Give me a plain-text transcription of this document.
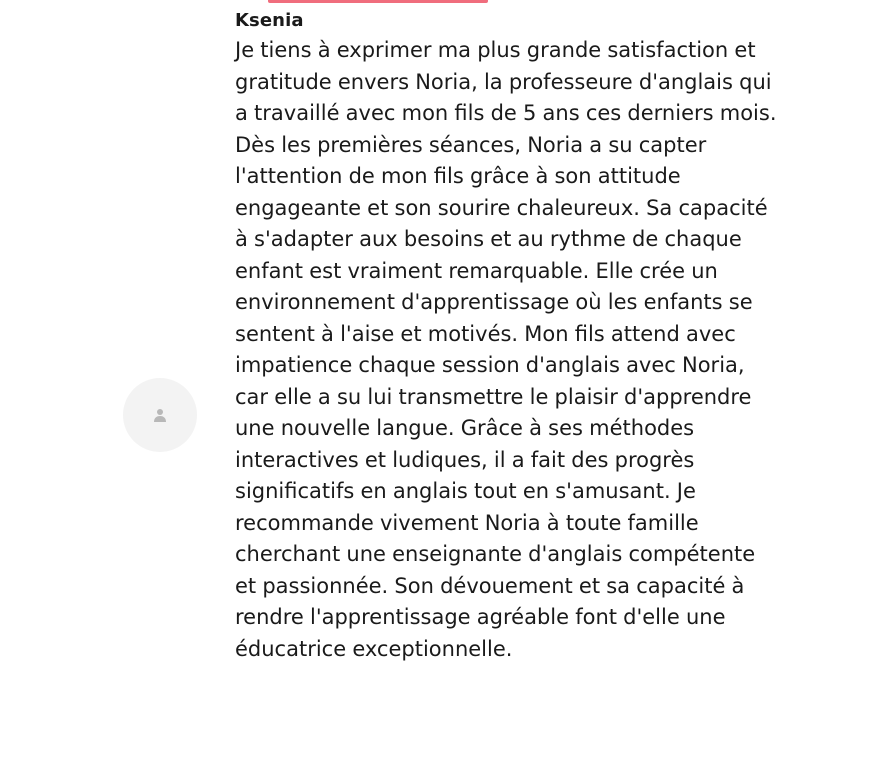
Ksenia

Je tiens à exprimer ma plus grande satisfaction et gratitude envers Noria, la professeure d'anglais qui a travaillé avec mon fils de 5 ans ces derniers mois. Dès les premières séances, Noria a su capter l'attention de mon fils grâce à son attitude engageante et son sourire chaleureux. Sa capacité à s'adapter aux besoins et au rythme de chaque enfant est vraiment remarquable. Elle crée un environnement d'apprentissage où les enfants se sentent à l'aise et motivés. Mon fils attend avec impatience chaque session d'anglais avec Noria, car elle a su lui transmettre le plaisir d'apprendre une nouvelle langue. Grâce à ses méthodes interactives et ludiques, il a fait des progrès significatifs en anglais tout en s'amusant. Je recommande vivement Noria à toute famille cherchant une enseignante d'anglais compétente et passionnée. Son dévouement et sa capacité à rendre l'apprentissage agréable font d'elle une éducatrice exceptionnelle.
